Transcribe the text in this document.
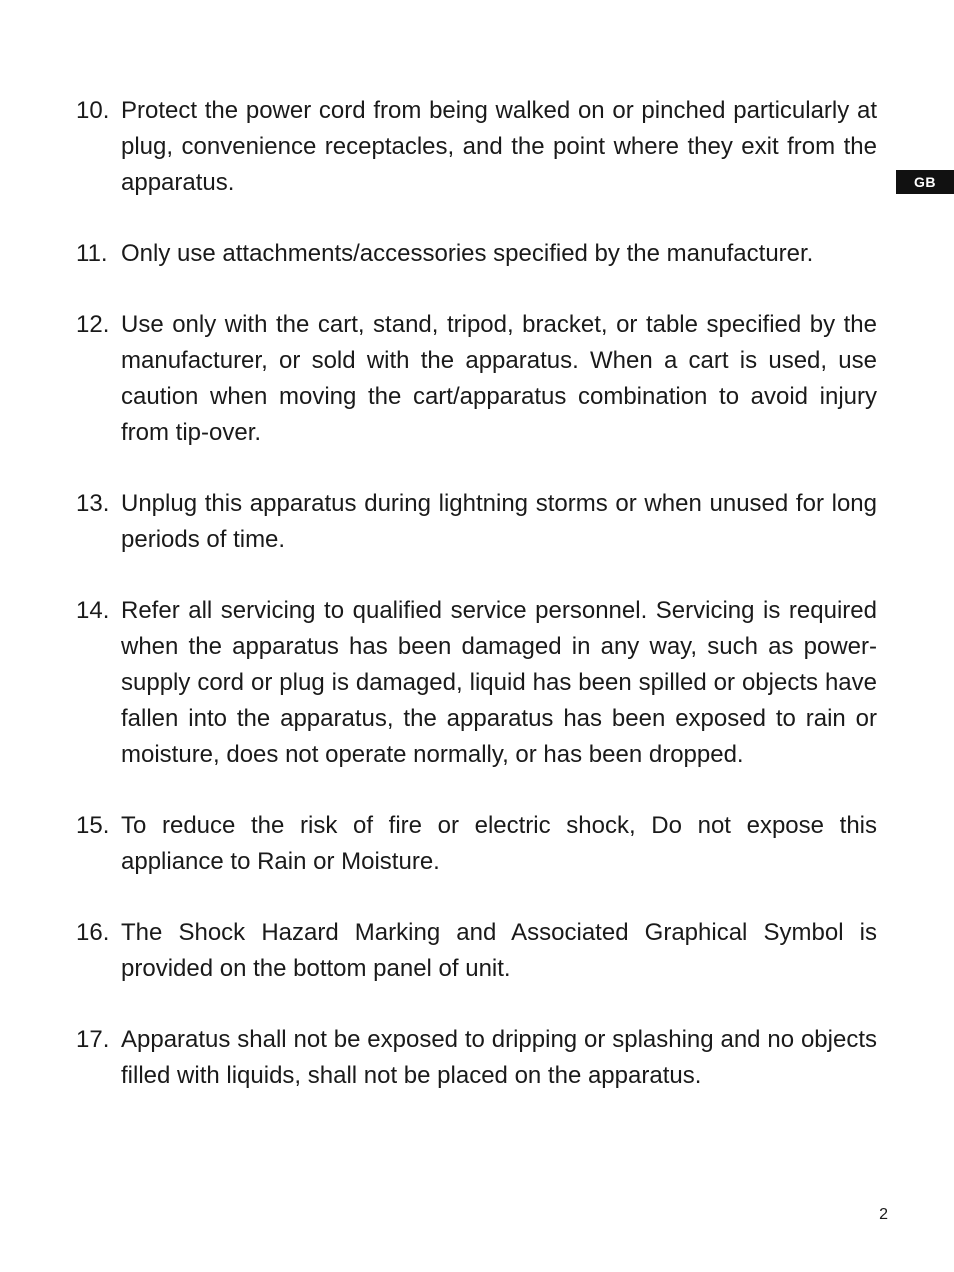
GB
10. Protect the power cord from being walked on or pinched particularly at plug, convenience receptacles, and the point where they exit from the apparatus.
11. Only use attachments/accessories specified by the manufacturer.
12. Use only with the cart, stand, tripod, bracket, or table specified by the manufacturer, or sold with the apparatus. When a cart is used, use caution when moving the cart/apparatus combination to avoid injury from tip-over.
13. Unplug this apparatus during lightning storms or when unused for long periods of time.
14. Refer all servicing to qualified service personnel. Servicing is required when the apparatus has been damaged in any way, such as power-supply cord or plug is damaged, liquid has been spilled or objects have fallen into the apparatus, the apparatus has been exposed to rain or moisture, does not operate normally, or has been dropped.
15. To reduce the risk of fire or electric shock, Do not expose this appliance to Rain or Moisture.
16. The Shock Hazard Marking and Associated Graphical Symbol is provided on the bottom panel of unit.
17. Apparatus shall not be exposed to dripping or splashing and no objects filled with liquids, shall not be placed on the apparatus.
2
